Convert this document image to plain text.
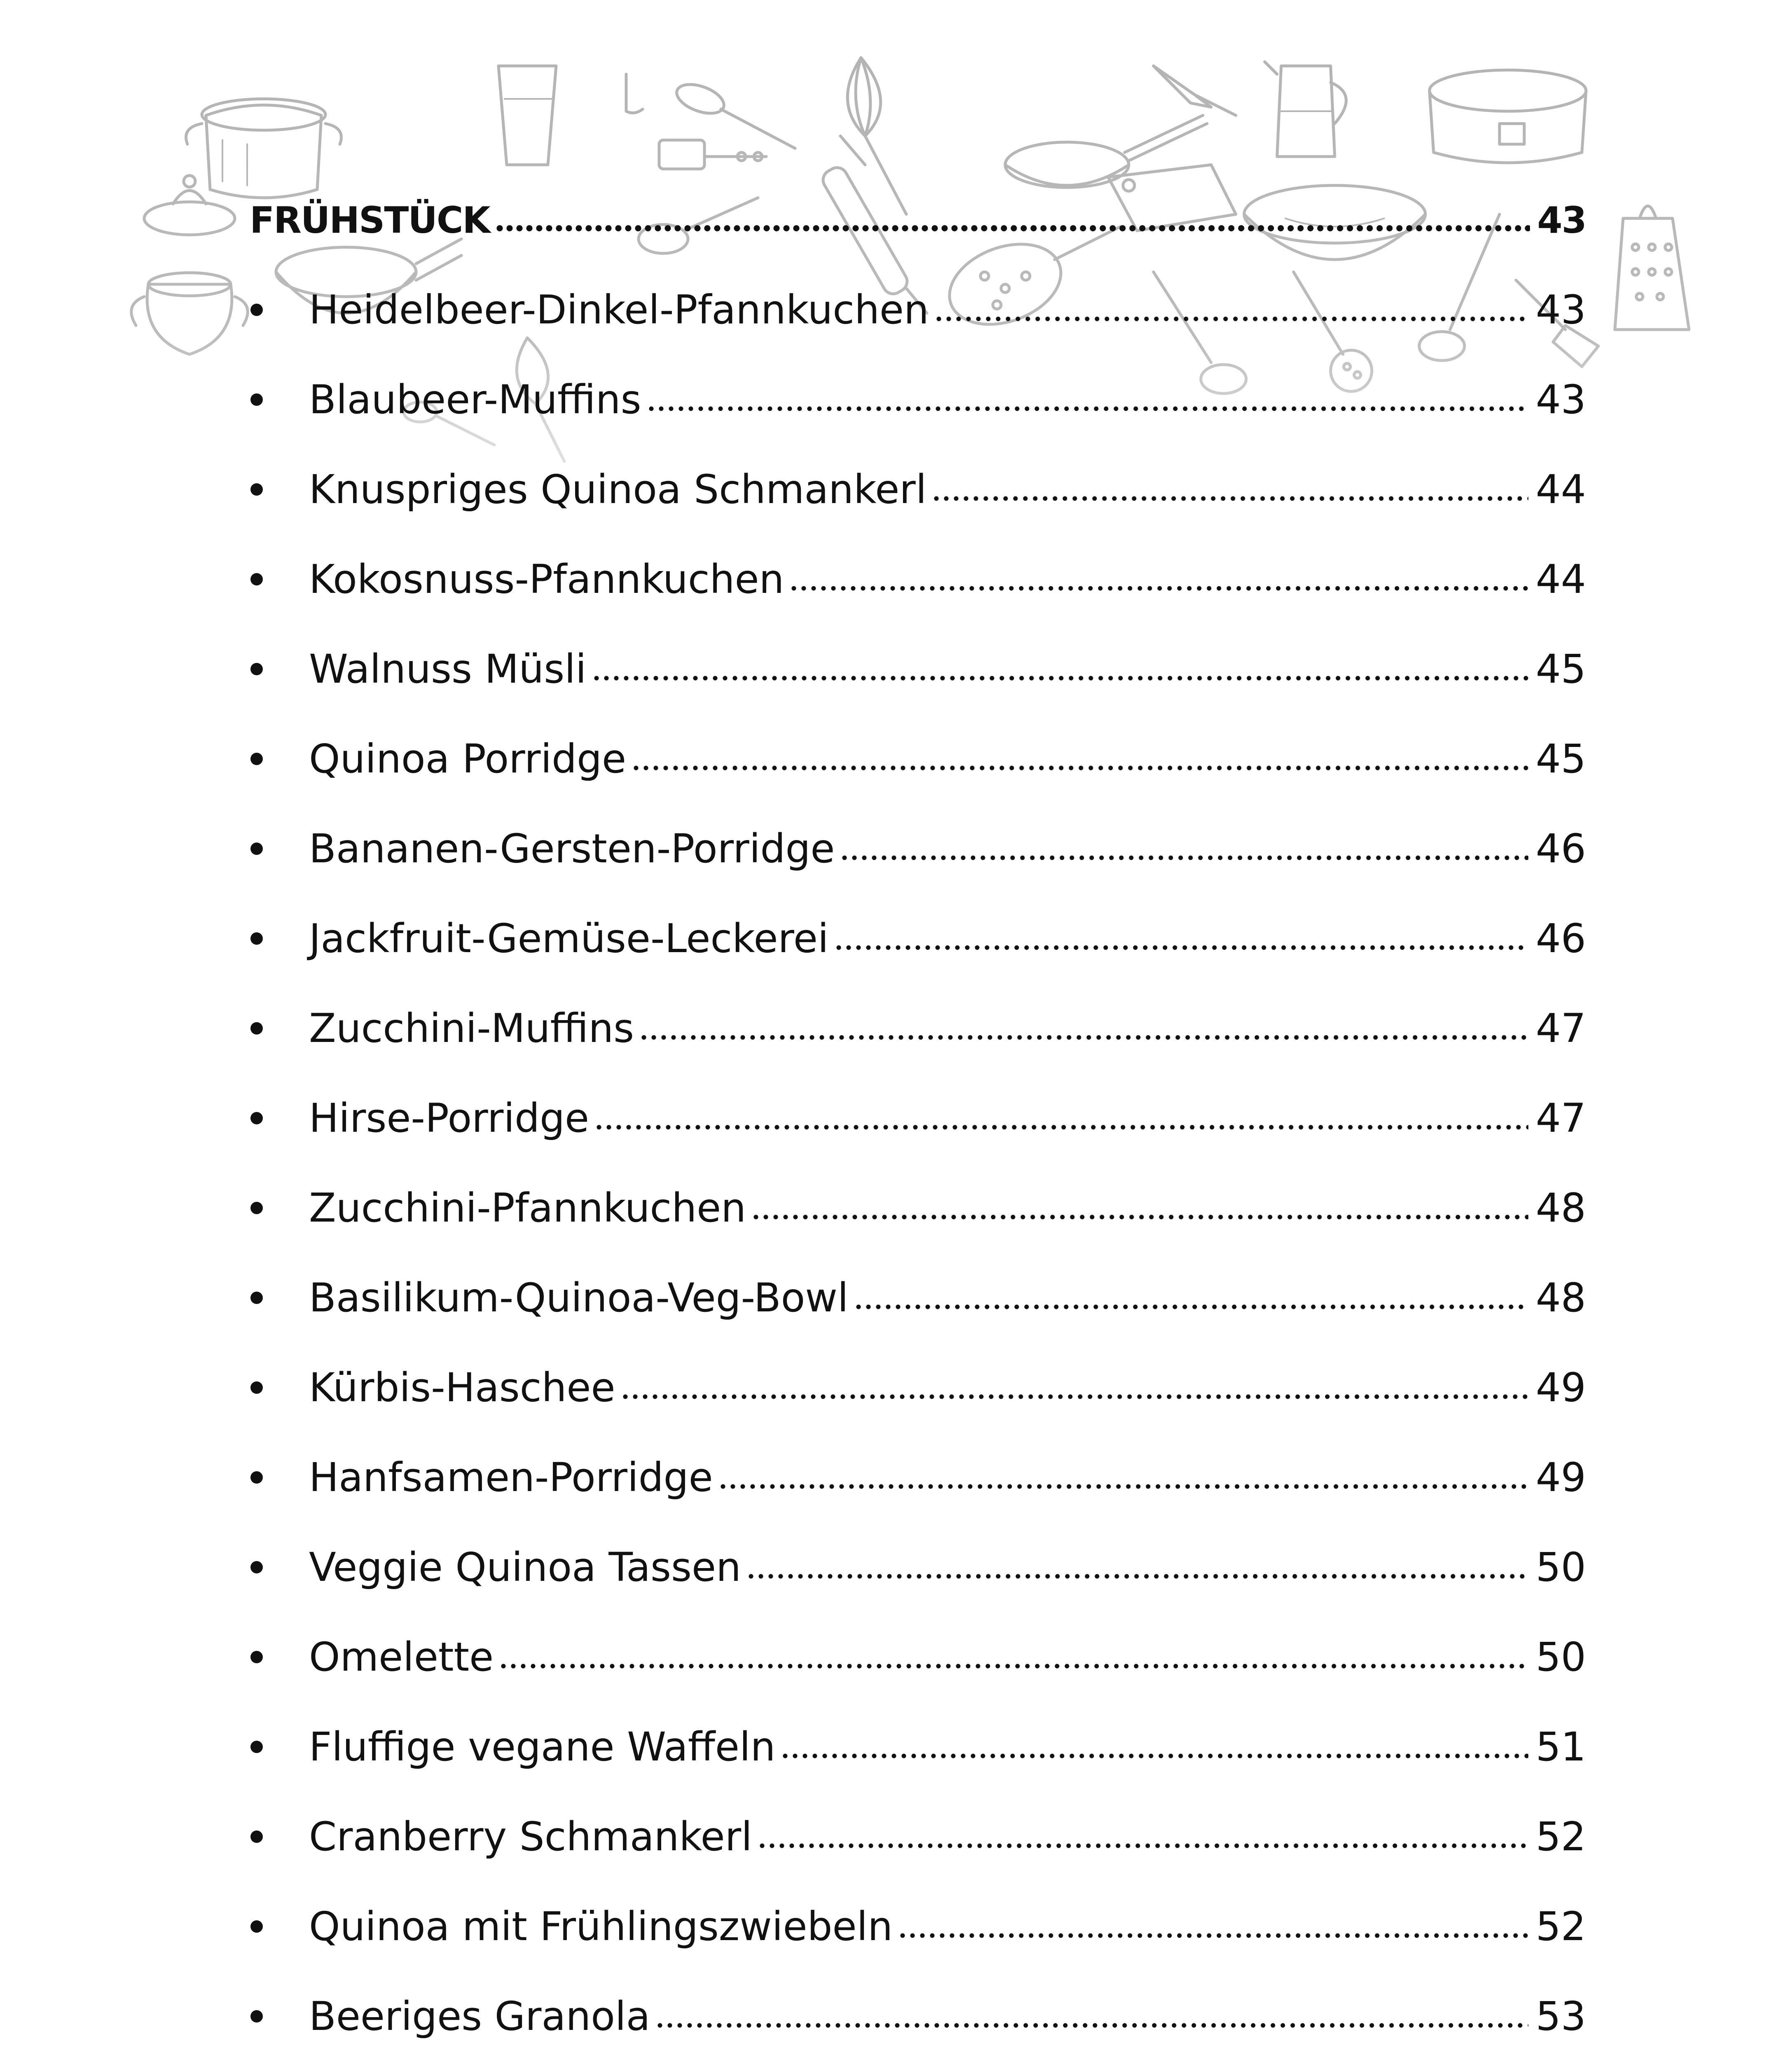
FRÜHSTÜCK	43
Heidelbeer-Dinkel-Pfannkuchen	43
Blaubeer-Muffins	43
Knuspriges Quinoa Schmankerl	44
Kokosnuss-Pfannkuchen	44
Walnuss Müsli	45
Quinoa Porridge	45
Bananen-Gersten-Porridge	46
Jackfruit-Gemüse-Leckerei	46
Zucchini-Muffins	47
Hirse-Porridge	47
Zucchini-Pfannkuchen	48
Basilikum-Quinoa-Veg-Bowl	48
Kürbis-Haschee	49
Hanfsamen-Porridge	49
Veggie Quinoa Tassen	50
Omelette	50
Fluffige vegane Waffeln	51
Cranberry Schmankerl	52
Quinoa mit Frühlingszwiebeln	52
Beeriges Granola	53
